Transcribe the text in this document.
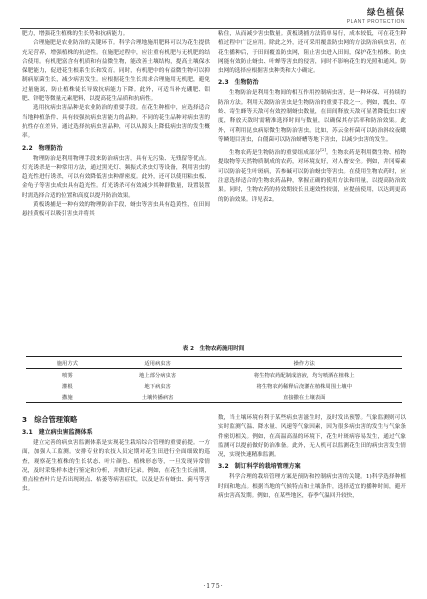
绿色植保
PLANT PROTECTION

肥力，增强花生植株的生长势和抗病能力。

合理施肥是农业防治的关键环节。科学合理地施用肥料可以为花生提供充足营养，增强植株的抗逆性。在施肥过程中，应注重有机肥与无机肥的结合使用。有机肥富含有机质和有益微生物，能改善土壤结构，提高土壤保水保肥能力，促进花生根系生长和发育。同时，有机肥中的有益微生物可以抑制病原菌生长，减少病害发生。应根据花生生长需求合理施用无机肥，避免过量施氮，防止植株徒长导致抗病能力下降。此外，可适当补充硼肥、钼肥、锌肥等微量元素肥料，以提高花生品质和抗病性。

选用抗病虫害品种是农业防治的重要手段。在花生种植中，应选择适合当地种植条件、具有较强抗病虫害能力的品种。不同的花生品种对病虫害的抗性存在差异，通过选择抗病虫害品种，可以从源头上降低病虫害的发生概率。

2.2　物理防治

物理防治是利用物理手段来防治病虫害，具有无污染、无残留等优点。灯光诱杀是一种常用方法，通过黑光灯、频振式杀虫灯等设备，利用害虫的趋光性进行诱杀，可以有效降低害虫种群密度。此外，还可以使用粘虫板、金龟子等害虫成虫具有趋光性。灯光诱杀可有效减少其种群数量，设置装置时需选择合适的位置和高度以提升防治效果。

黄板诱捕是一种有效的物理防治手段，蚜虫等害虫具有趋黄性，在田间悬挂黄板可以吸引害虫并将其

粘住，从而减少害虫数量。黄板诱捕方法简单易行，成本较低，可在花生种植过程中广泛应用。除此之外，还可采用覆盖防虫网的方法防治病虫害，在花生播种后，于田间覆盖防虫网，阻止害虫进入田间，保护花生植株。防虫网能有效防止蚜虫、叶蝉等害虫的侵害，同时不影响花生的光照和通风。防虫网的选择应根据害虫种类和大小确定。

2.3　生物防治

生物防治是利用生物间的相互作用控制病虫害，是一种环保、可持续的防治方法。利用天敌防治害虫是生物防治的重要手段之一。例如，瓢虫、草蛉、寄生蜂等天敌可有效控制蚜虫数量，在田间释放天敌可显著降低虫口密度，释放天敌时需精准选择时间与数量，以确保其存活率和防治效果。此外，可利用昆虫病原微生物防治害虫。比如，苏云金杆菌可以防治斜纹夜蛾等鳞翅目害虫，白僵菌可以防治蛴螬等地下害虫，以减少虫害的发生。

生物农药是生物防治的重要组成部分[2]。生物农药是利用微生物、植物提取物等天然物质制成的农药，对环境友好，对人畜安全。例如，井冈霉素可以防治花生叶斑病，苦参碱可以防治蚜虫等害虫。在使用生物农药时，应注意选择适合的生物农药品种，掌握正确的使用方法和用量，以提高防治效果。同时，生物农药的持效期较长且速效性较弱，应提前使用，以达到更高的防治效果。详见表2。

表 2　生物农药施用时间
施用方式	适用病虫害	操作方法
喷雾	地上部分病虫害	将生物农药配制成溶液，均匀喷洒在植株上
灌根	地下病虫害	将生物农药稀释后浇灌在植株周围土壤中
撒施	土壤传播病害	直接撒在土壤表面
3　综合管理策略
3.1　建立病虫害监测体系

建立完善的病虫害监测体系是实现花生栽培综合管理的重要前提。一方面，加强人工监测。安排专业的农技人员定期对花生田进行全面细致的巡查，观察花生植株的生长状态、叶片颜色、植株形态等，一旦发现异常情况，及时采集样本进行鉴定和分析，并做好记录。例如，在花生生长前期，重点检查叶片是否出现斑点、枯萎等病害症状，以及是否有蚜虫、蓟马等害虫。

数，当土壤环境有利于某些病虫害滋生时，及时发出预警。气象监测则可以实时监测气温、降水量、风速等气象因素，因为很多病虫害的发生与气象条件密切相关。例如，在高温高湿的环境下，花生叶斑病容易发生，通过气象监测可以提前做好防治准备。此外，无人机可以监测花生田的病虫害发生情况，实现快速精准监测。

3.2　制订科学的栽培管理方案

科学合理的栽培管理方案是预防和控制病虫害的关键。1)科学选择种植时间和地点。根据当地的气候特点和土壤条件，选择适宜的播种时间，避开病虫害高发期。例如，在某些地区，春季气温回升较快，

·175·
